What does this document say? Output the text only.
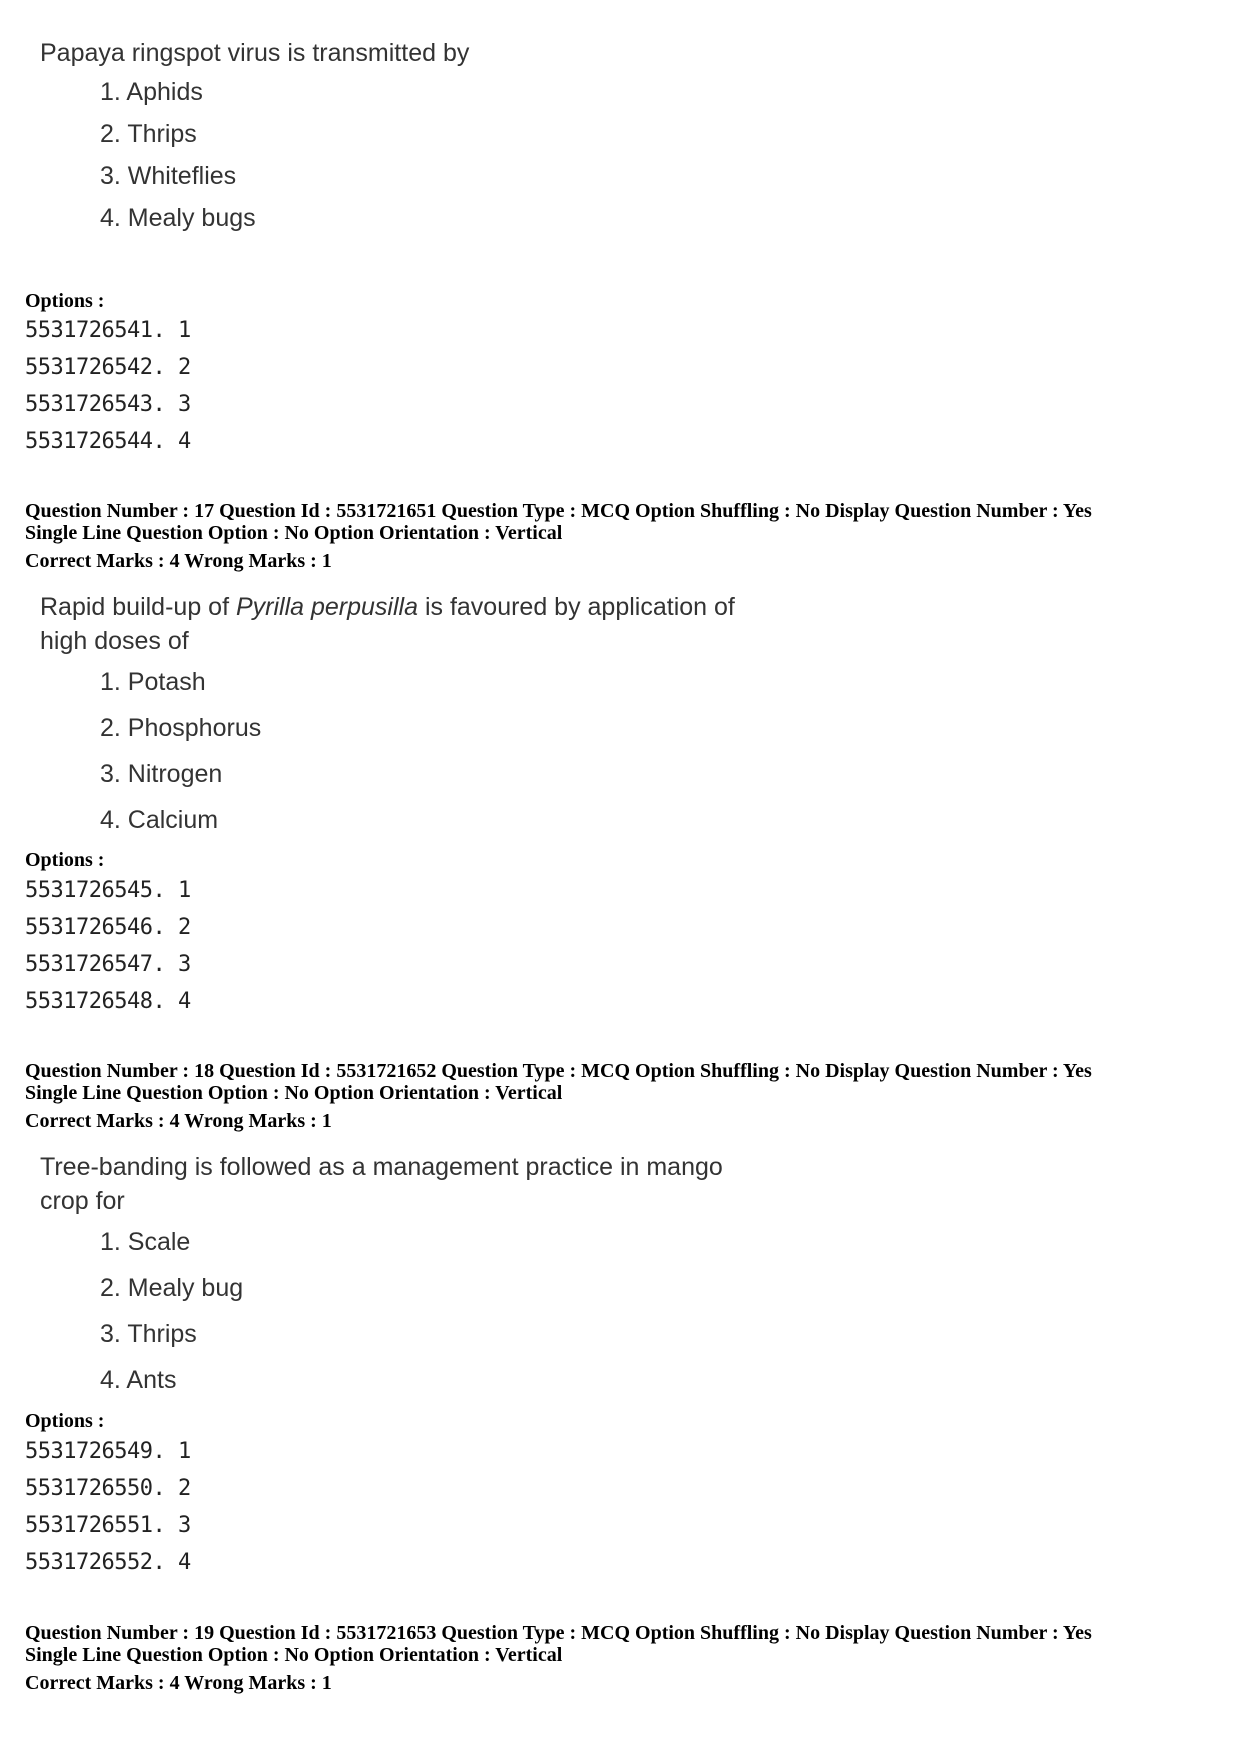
Papaya ringspot virus is transmitted by
1. Aphids
2. Thrips
3. Whiteflies
4. Mealy bugs
Options :
5531726541. 1
5531726542. 2
5531726543. 3
5531726544. 4
Question Number : 17 Question Id : 5531721651 Question Type : MCQ Option Shuffling : No Display Question Number : Yes
Single Line Question Option : No Option Orientation : Vertical
Correct Marks : 4 Wrong Marks : 1
Rapid build-up of Pyrilla perpusilla is favoured by application of
high doses of
1. Potash
2. Phosphorus
3. Nitrogen
4. Calcium
Options :
5531726545. 1
5531726546. 2
5531726547. 3
5531726548. 4
Question Number : 18 Question Id : 5531721652 Question Type : MCQ Option Shuffling : No Display Question Number : Yes
Single Line Question Option : No Option Orientation : Vertical
Correct Marks : 4 Wrong Marks : 1
Tree-banding is followed as a management practice in mango
crop for
1. Scale
2. Mealy bug
3. Thrips
4. Ants
Options :
5531726549. 1
5531726550. 2
5531726551. 3
5531726552. 4
Question Number : 19 Question Id : 5531721653 Question Type : MCQ Option Shuffling : No Display Question Number : Yes
Single Line Question Option : No Option Orientation : Vertical
Correct Marks : 4 Wrong Marks : 1
